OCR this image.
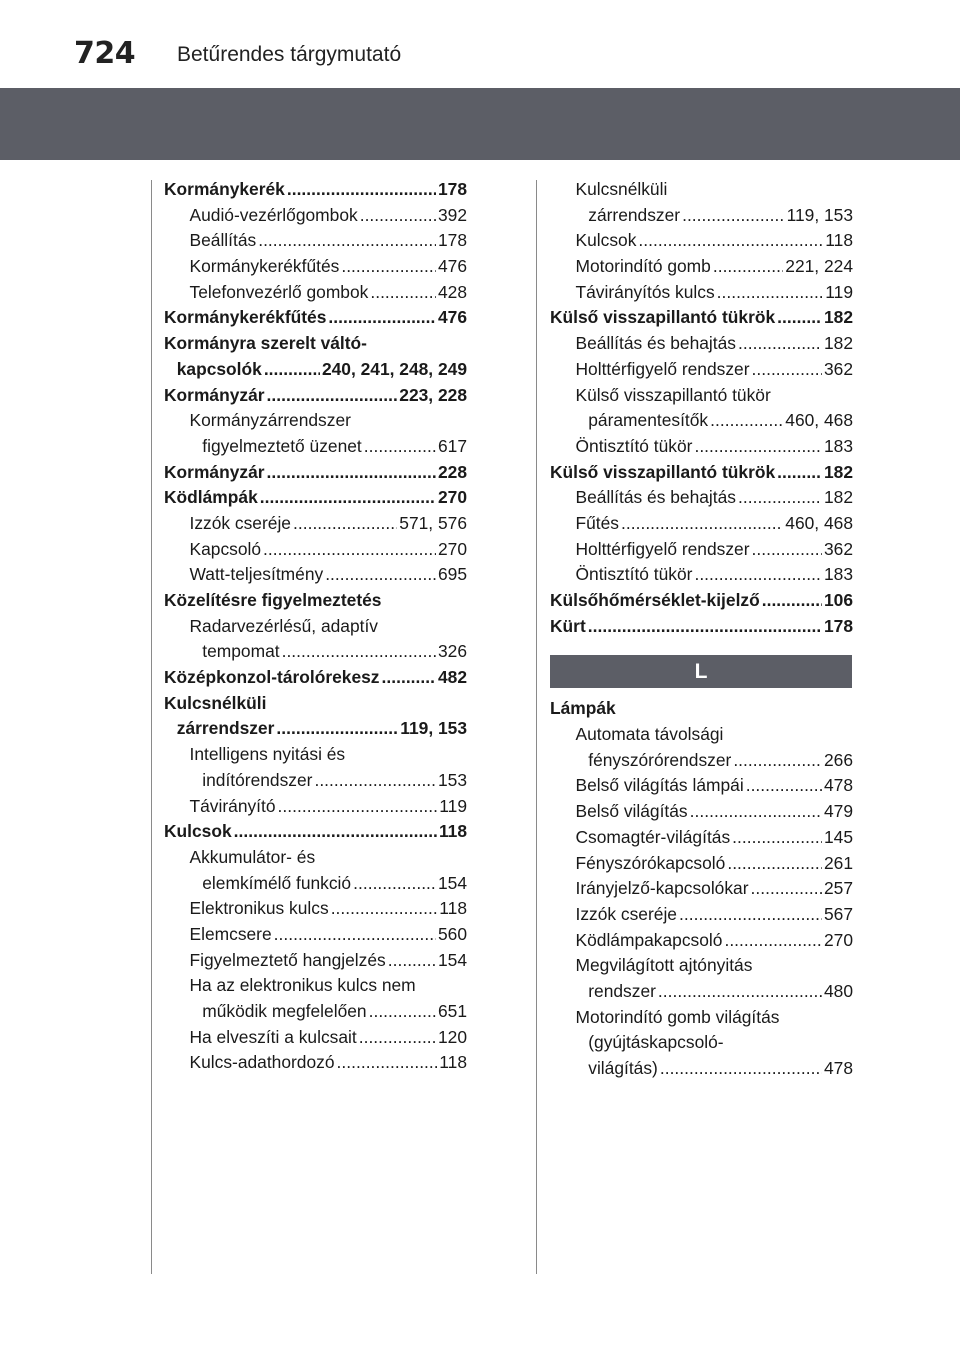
724 Betűrendes tárgymutató
Kormánykerék . . .	178
Audió-vezérlőgombok . . .	392
Beállítás . . .	178
Kormánykerékfűtés . . .	476
Telefonvezérlő gombok . . .	428
Kormánykerékfűtés . . .	476
Kormányra szerelt váltó-
kapcsolók . . .	240, 241, 248, 249
Kormányzár . . .	223, 228
Kormányzárrendszer
figyelmeztető üzenet . . .	617
Kormányzár . . .	228
Ködlámpák . . .	270
Izzók cseréje . . .	571, 576
Kapcsoló . . .	270
Watt-teljesítmény . . .	695
Közelítésre figyelmeztetés
Radarvezérlésű, adaptív
tempomat . . .	326
Középkonzol-tárolórekesz . . .	482
Kulcsnélküli
zárrendszer . . .	119, 153
Intelligens nyitási és
indítórendszer . . .	153
Távirányító . . .	119
Kulcsok . . .	118
Akkumulátor- és
elemkímélő funkció . . .	154
Elektronikus kulcs . . .	118
Elemcsere . . .	560
Figyelmeztető hangjelzés . . .	154
Ha az elektronikus kulcs nem
működik megfelelően . . .	651
Ha elveszíti a kulcsait . . .	120
Kulcs-adathordozó . . .	118
Kulcsnélküli
zárrendszer . . .	119, 153
Kulcsok . . .	118
Motorindító gomb . . .	221, 224
Távirányítós kulcs . . .	119
Külső visszapillantó tükrök . . .	182
Beállítás és behajtás . . .	182
Holttérfigyelő rendszer . . .	362
Külső visszapillantó tükör
páramentesítők . . .	460, 468
Öntisztító tükör . . .	183
Külső visszapillantó tükrök . . .	182
Beállítás és behajtás . . .	182
Fűtés . . .	460, 468
Holttérfigyelő rendszer . . .	362
Öntisztító tükör . . .	183
Külsőhőmérséklet-kijelző . . .	106
Kürt . . .	178
L
Lámpák
Automata távolsági
fényszórórendszer . . .	266
Belső világítás lámpái . . .	478
Belső világítás . . .	479
Csomagtér-világítás . . .	145
Fényszórókapcsoló . . .	261
Irányjelző-kapcsolókar . . .	257
Izzók cseréje . . .	567
Ködlámpakapcsoló . . .	270
Megvilágított ajtónyitás
rendszer . . .	480
Motorindító gomb világítás
(gyújtáskapcsoló-
világítás) . . .	478
